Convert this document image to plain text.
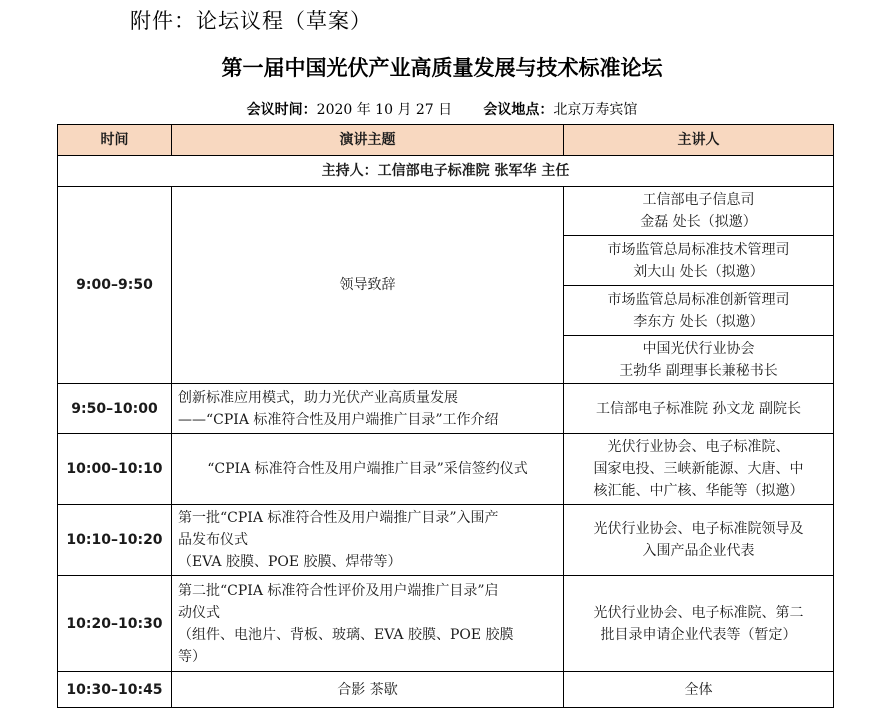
附件：论坛议程（草案）
第一届中国光伏产业高质量发展与技术标准论坛
会议时间：2020 年 10 月 27 日 会议地点：北京万寿宾馆
时间	演讲主题	主讲人
主持人：工信部电子标准院 张军华 主任		
9:00–9:50	领导致辞	工信部电子信息司
金磊 处长（拟邀）

		市场监管总局标准技术管理司
刘大山 处长（拟邀）

		市场监管总局标准创新管理司
李东方 处长（拟邀）

		中国光伏行业协会
王勃华 副理事长兼秘书长

9:50–10:00	创新标准应用模式，助力光伏产业高质量发展
——“CPIA 标准符合性及用户端推广目录”工作介绍	工信部电子标准院 孙文龙 副院长
10:00–10:10	“CPIA 标准符合性及用户端推广目录”采信签约仪式	光伏行业协会、电子标准院、
国家电投、三峡新能源、大唐、中
核汇能、中广核、华能等（拟邀）

10:10–10:20	第一批“CPIA 标准符合性及用户端推广目录”入围产
品发布仪式
（EVA 胶膜、POE 胶膜、焊带等）	光伏行业协会、电子标准院领导及
入围产品企业代表

10:20–10:30	第二批“CPIA 标准符合性评价及用户端推广目录”启
动仪式
（组件、电池片、背板、玻璃、EVA 胶膜、POE 胶膜
等）	光伏行业协会、电子标准院、第二
批目录申请企业代表等（暂定）

10:30–10:45	合影 茶歇	全体
